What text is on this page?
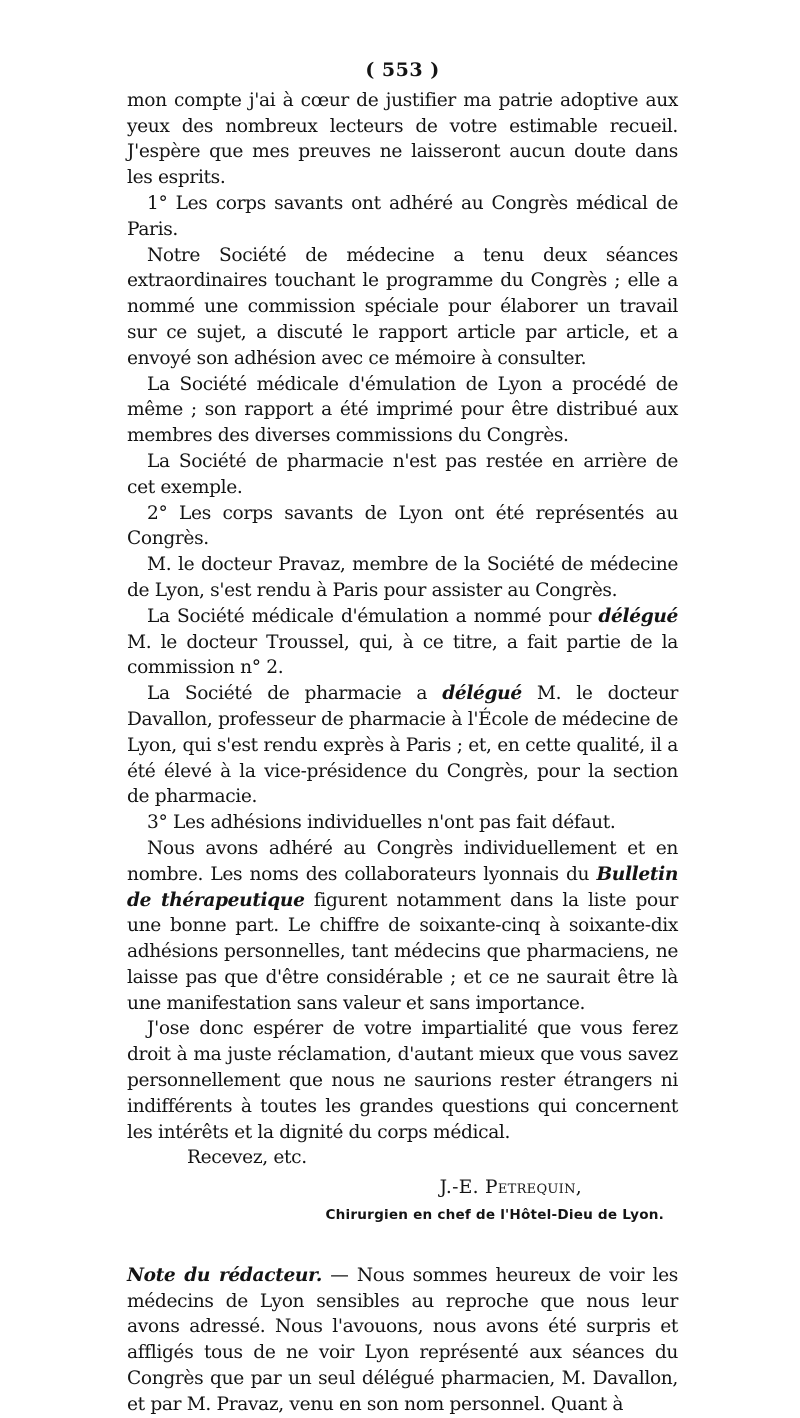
( 553 )

mon compte j'ai à cœur de justifier ma patrie adoptive aux yeux des nombreux lecteurs de votre estimable recueil. J'espère que mes preuves ne laisseront aucun doute dans les esprits.

1° Les corps savants ont adhéré au Congrès médical de Paris.

Notre Société de médecine a tenu deux séances extraordinaires touchant le programme du Congrès ; elle a nommé une commission spéciale pour élaborer un travail sur ce sujet, a discuté le rapport article par article, et a envoyé son adhésion avec ce mémoire à consulter.

La Société médicale d'émulation de Lyon a procédé de même ; son rapport a été imprimé pour être distribué aux membres des diverses commissions du Congrès.

La Société de pharmacie n'est pas restée en arrière de cet exemple.

2° Les corps savants de Lyon ont été représentés au Congrès.

M. le docteur Pravaz, membre de la Société de médecine de Lyon, s'est rendu à Paris pour assister au Congrès.

La Société médicale d'émulation a nommé pour délégué M. le docteur Troussel, qui, à ce titre, a fait partie de la commission n° 2.

La Société de pharmacie a délégué M. le docteur Davallon, professeur de pharmacie à l'École de médecine de Lyon, qui s'est rendu exprès à Paris ; et, en cette qualité, il a été élevé à la vice-présidence du Congrès, pour la section de pharmacie.

3° Les adhésions individuelles n'ont pas fait défaut.

Nous avons adhéré au Congrès individuellement et en nombre. Les noms des collaborateurs lyonnais du Bulletin de thérapeutique figurent notamment dans la liste pour une bonne part. Le chiffre de soixante-cinq à soixante-dix adhésions personnelles, tant médecins que pharmaciens, ne laisse pas que d'être considérable ; et ce ne saurait être là une manifestation sans valeur et sans importance.

J'ose donc espérer de votre impartialité que vous ferez droit à ma juste réclamation, d'autant mieux que vous savez personnellement que nous ne saurions rester étrangers ni indifférents à toutes les grandes questions qui concernent les intérêts et la dignité du corps médical.

Recevez, etc.

J.-E. Petrequin,
Chirurgien en chef de l'Hôtel-Dieu de Lyon.

Note du rédacteur. — Nous sommes heureux de voir les médecins de Lyon sensibles au reproche que nous leur avons adressé. Nous l'avouons, nous avons été surpris et affligés tous de ne voir Lyon représenté aux séances du Congrès que par un seul délégué pharmacien, M. Davallon, et par M. Pravaz, venu en son nom personnel. Quant à
